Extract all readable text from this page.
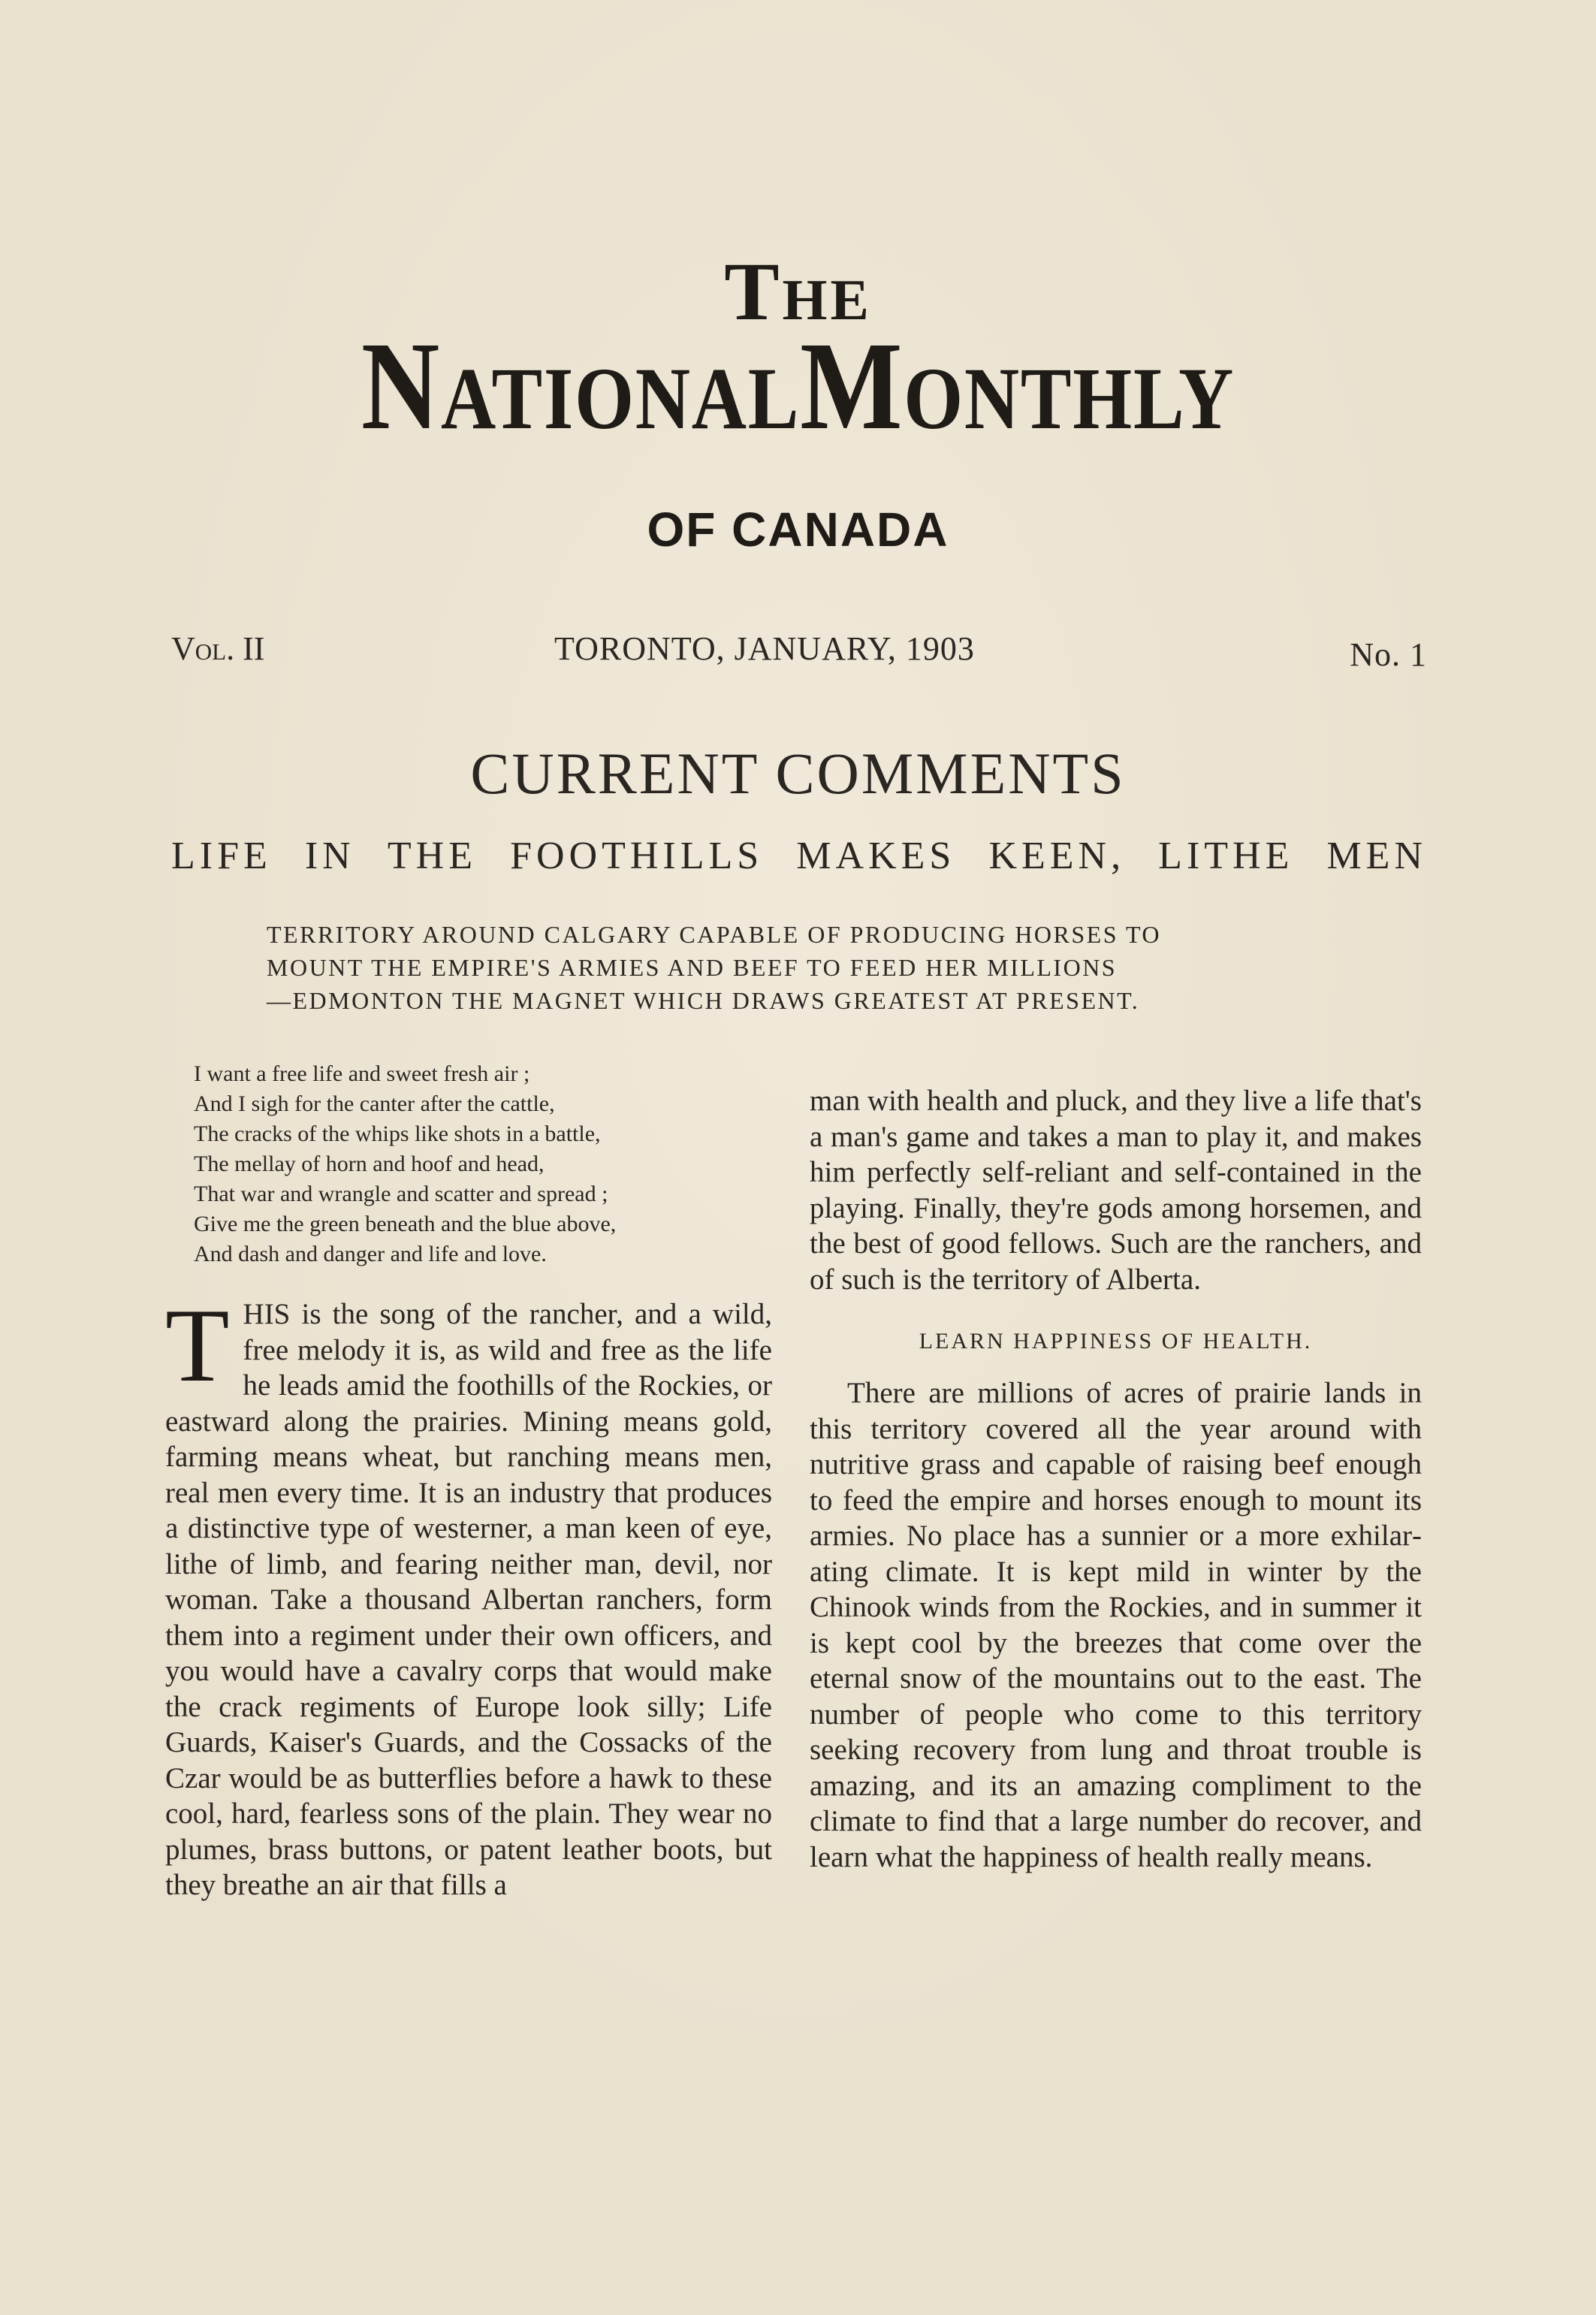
The
NationalMonthly
OF CANADA
Vol. II	TORONTO, JANUARY, 1903	No. 1
CURRENT COMMENTS
LIFE IN THE FOOTHILLS MAKES KEEN, LITHE MEN
TERRITORY AROUND CALGARY CAPABLE OF PRODUCING HORSES TO
MOUNT THE EMPIRE'S ARMIES AND BEEF TO FEED HER MILLIONS
—EDMONTON THE MAGNET WHICH DRAWS GREATEST AT PRESENT.
I want a free life and sweet fresh air ;
And I sigh for the canter after the cattle,
The cracks of the whips like shots in a battle,
The mellay of horn and hoof and head,
That war and wrangle and scatter and spread ;
Give me the green beneath and the blue above,
And dash and danger and life and love.
THIS is the song of the rancher, and a wild, free melody it is, as wild and free as the life he leads amid the foothills of the Rockies, or eastward along the prairies. Mining means gold, farming means wheat, but ranching means men, real men every time. It is an industry that produces a distinctive type of westerner, a man keen of eye, lithe of limb, and fearing neither man, devil, nor woman. Take a thousand Albertan ranchers, form them into a regiment under their own officers, and you would have a cavalry corps that would make the crack regiments of Europe look silly; Life Guards, Kaiser's Guards, and the Cossacks of the Czar would be as butterflies before a hawk to these cool, hard, fearless sons of the plain. They wear no plumes, brass buttons, or patent leather boots, but they breathe an air that fills a
man with health and pluck, and they live a life that's a man's game and takes a man to play it, and makes him perfectly self-reliant and self-contained in the playing. Finally, they're gods among horsemen, and the best of good fellows. Such are the ranchers, and of such is the territory of Alberta.
LEARN HAPPINESS OF HEALTH.
There are millions of acres of prairie lands in this territory covered all the year around with nutritive grass and capable of raising beef enough to feed the empire and horses enough to mount its armies. No place has a sunnier or a more exhilarating climate. It is kept mild in winter by the Chinook winds from the Rockies, and in summer it is kept cool by the breezes that come over the eternal snow of the mountains out to the east. The number of people who come to this territory seeking recovery from lung and throat trouble is amazing, and its an amazing compliment to the climate to find that a large number do recover, and learn what the happiness of health really means.
